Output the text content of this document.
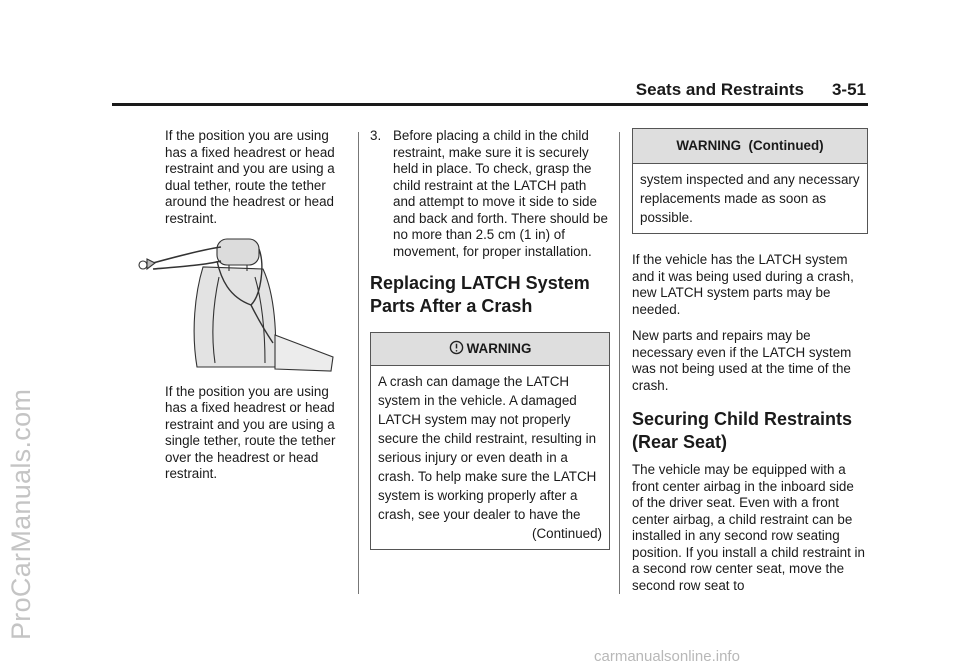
ProCarManuals.com
Seats and Restraints 3-51

If the position you are using has a fixed headrest or head restraint and you are using a dual tether, route the tether around the headrest or head restraint.

If the position you are using has a fixed headrest or head restraint and you are using a single tether, route the tether over the headrest or head restraint.

3. Before placing a child in the child restraint, make sure it is securely held in place. To check, grasp the child restraint at the LATCH path and attempt to move it side to side and back and forth. There should be no more than 2.5 cm (1 in) of movement, for proper installation.

Replacing LATCH System Parts After a Crash
WARNING

A crash can damage the LATCH system in the vehicle. A damaged LATCH system may not properly secure the child restraint, resulting in serious injury or even death in a crash. To help make sure the LATCH system is working properly after a crash, see your dealer to have the

(Continued)

WARNING  (Continued)

system inspected and any necessary replacements made as soon as possible.

If the vehicle has the LATCH system and it was being used during a crash, new LATCH system parts may be needed.

New parts and repairs may be necessary even if the LATCH system was not being used at the time of the crash.

Securing Child Restraints (Rear Seat)

The vehicle may be equipped with a front center airbag in the inboard side of the driver seat. Even with a front center airbag, a child restraint can be installed in any second row seating position. If you install a child restraint in a second row center seat, move the second row seat to

carmanualsonline.info
